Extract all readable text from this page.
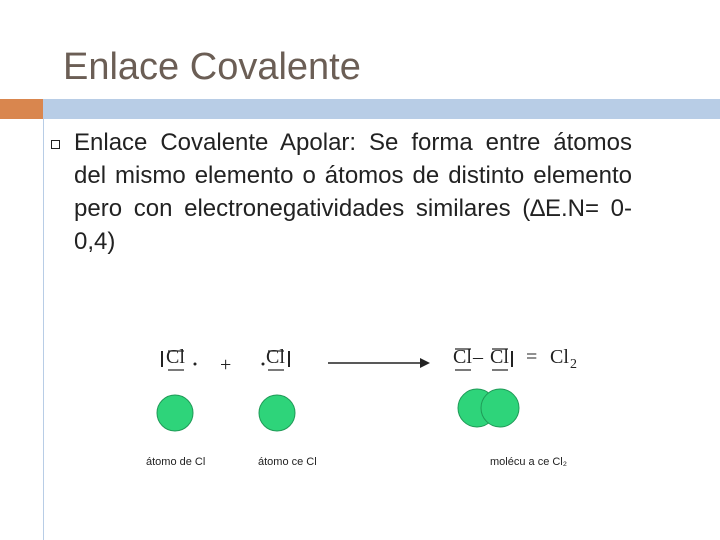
Enlace Covalente
Enlace Covalente Apolar: Se forma entre átomos del mismo elemento o átomos de distinto elemento pero con electronegatividades similares (∆E.N= 0- 0,4)
Cl + Cl	Cl – Cl = Cl 2
átomo de Cl	átomo ce Cl	molécu a ce Cl₂
